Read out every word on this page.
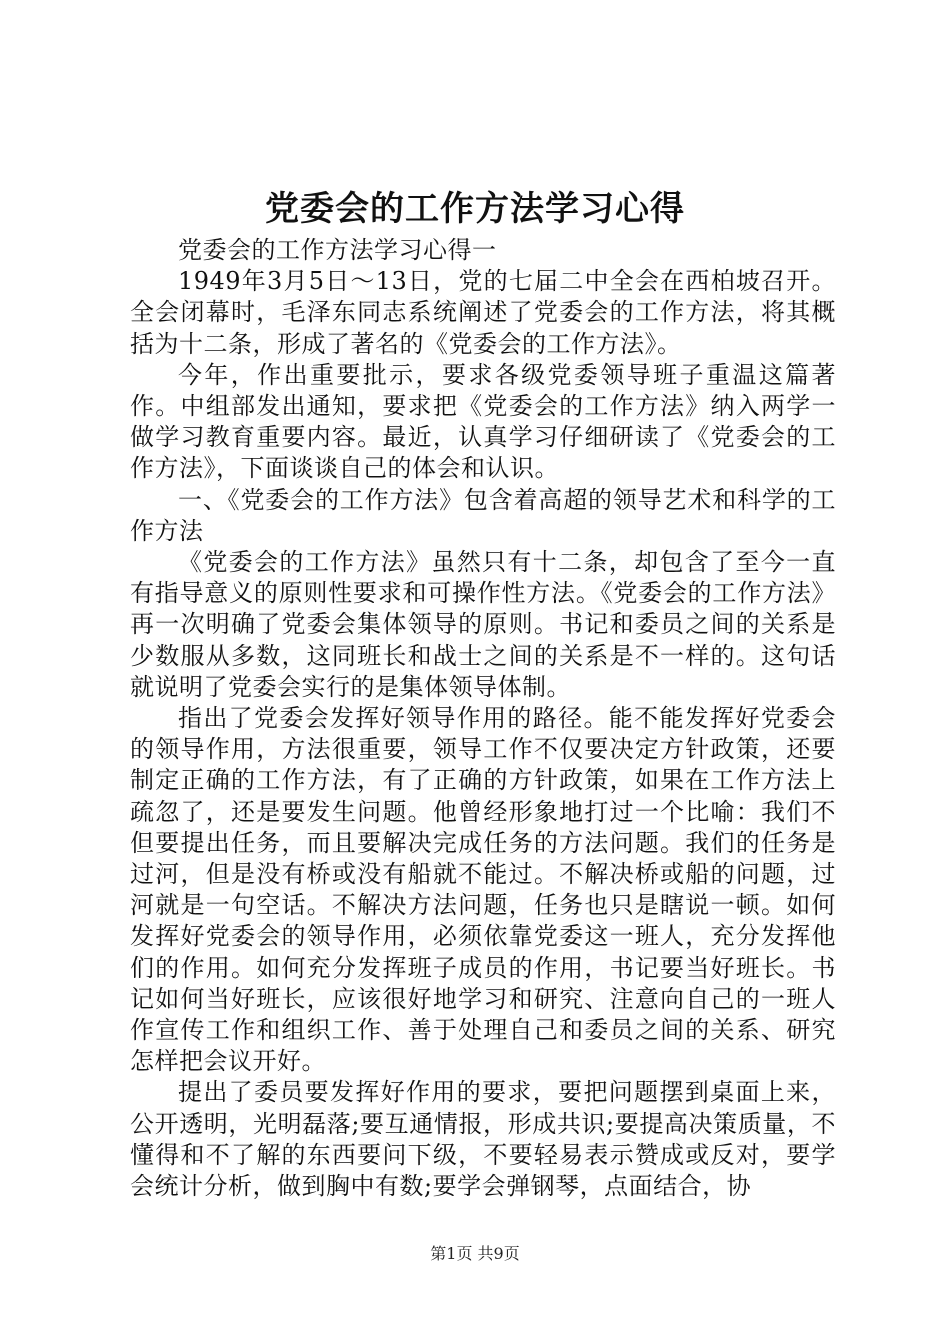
党委会的工作方法学习心得

党委会的工作方法学习心得一

1949年3月5日～13日，党的七届二中全会在西柏坡召开。全会闭幕时，毛泽东同志系统阐述了党委会的工作方法，将其概括为十二条，形成了著名的《党委会的工作方法》。

今年，作出重要批示，要求各级党委领导班子重温这篇著作。中组部发出通知，要求把《党委会的工作方法》纳入两学一做学习教育重要内容。最近，认真学习仔细研读了《党委会的工作方法》，下面谈谈自己的体会和认识。

一、《党委会的工作方法》包含着高超的领导艺术和科学的工作方法

《党委会的工作方法》虽然只有十二条，却包含了至今一直有指导意义的原则性要求和可操作性方法。《党委会的工作方法》再一次明确了党委会集体领导的原则。书记和委员之间的关系是少数服从多数，这同班长和战士之间的关系是不一样的。这句话就说明了党委会实行的是集体领导体制。

指出了党委会发挥好领导作用的路径。能不能发挥好党委会的领导作用，方法很重要，领导工作不仅要决定方针政策，还要制定正确的工作方法，有了正确的方针政策，如果在工作方法上疏忽了，还是要发生问题。他曾经形象地打过一个比喻：我们不但要提出任务，而且要解决完成任务的方法问题。我们的任务是过河，但是没有桥或没有船就不能过。不解决桥或船的问题，过河就是一句空话。不解决方法问题，任务也只是瞎说一顿。如何发挥好党委会的领导作用，必须依靠党委这一班人，充分发挥他们的作用。如何充分发挥班子成员的作用，书记要当好班长。书记如何当好班长，应该很好地学习和研究、注意向自己的一班人作宣传工作和组织工作、善于处理自己和委员之间的关系、研究怎样把会议开好。

提出了委员要发挥好作用的要求，要把问题摆到桌面上来，公开透明，光明磊落;要互通情报，形成共识;要提高决策质量，不懂得和不了解的东西要问下级，不要轻易表示赞成或反对，要学会统计分析，做到胸中有数;要学会弹钢琴，点面结合，协

第1页 共9页
